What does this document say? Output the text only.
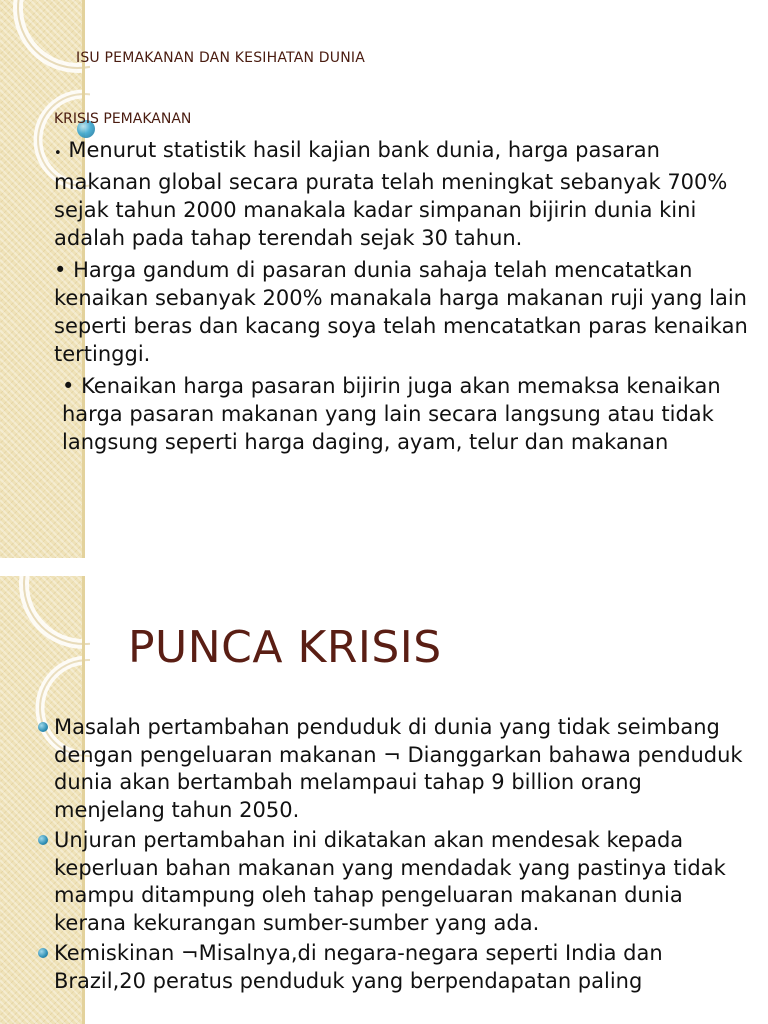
ISU PEMAKANAN DAN KESIHATAN DUNIA
KRISIS PEMAKANAN

• Menurut statistik hasil kajian bank dunia, harga pasaran makanan global secara purata telah meningkat sebanyak 700% sejak tahun 2000 manakala kadar simpanan bijirin dunia kini adalah pada tahap terendah sejak 30 tahun.

• Harga gandum di pasaran dunia sahaja telah mencatatkan kenaikan sebanyak 200% manakala harga makanan ruji yang lain seperti beras dan kacang soya telah mencatatkan paras kenaikan tertinggi.

• Kenaikan harga pasaran bijirin juga akan memaksa kenaikan harga pasaran makanan yang lain secara langsung atau tidak langsung seperti harga daging, ayam, telur dan makanan

PUNCA KRISIS
Masalah pertambahan penduduk di dunia yang tidak seimbang dengan pengeluaran makanan ¬ Dianggarkan bahawa penduduk dunia akan bertambah melampaui tahap 9 billion orang menjelang tahun 2050.
Unjuran pertambahan ini dikatakan akan mendesak kepada keperluan bahan makanan yang mendadak yang pastinya tidak mampu ditampung oleh tahap pengeluaran makanan dunia kerana kekurangan sumber-sumber yang ada.
Kemiskinan ¬Misalnya,di negara-negara seperti India dan Brazil,20 peratus penduduk yang berpendapatan paling
